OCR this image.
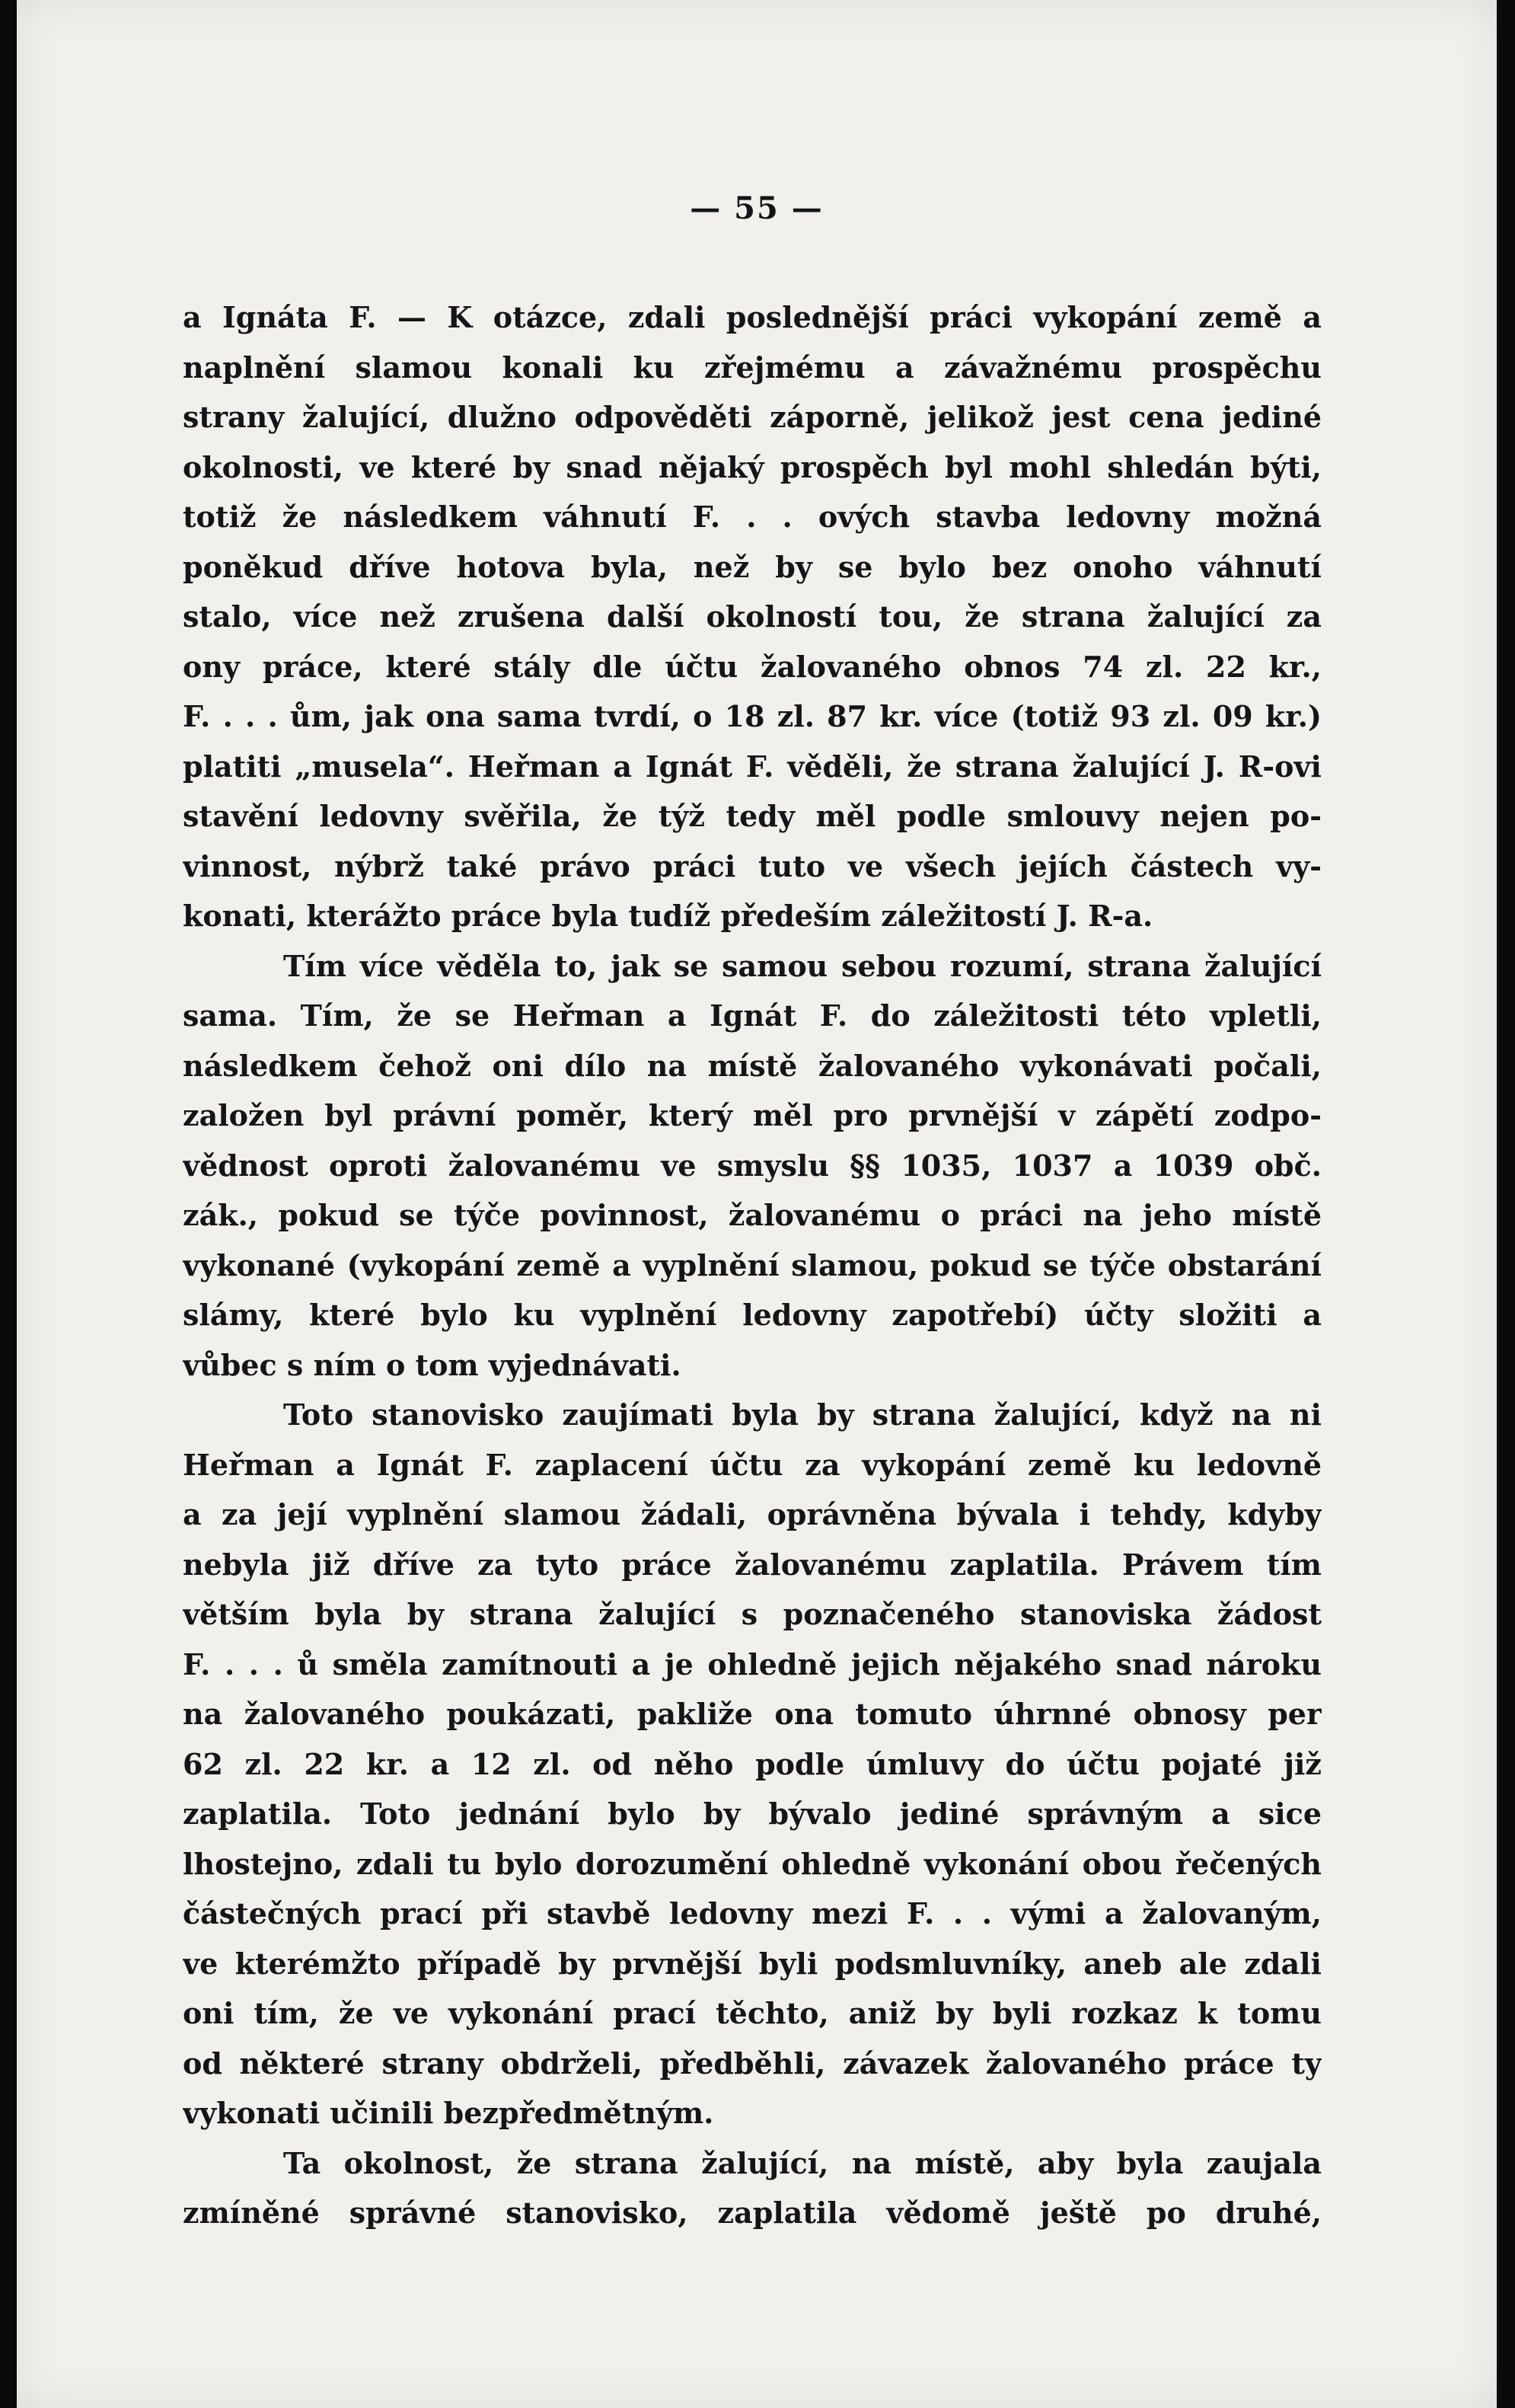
— 55 —
a Ignáta F. — K otázce, zdali poslednější práci vykopání země a
naplnění slamou konali ku zřejmému a závažnému prospěchu
strany žalující, dlužno odpověděti záporně, jelikož jest cena jediné
okolnosti, ve které by snad nějaký prospěch byl mohl shledán býti,
totiž že následkem váhnutí F. . . ových stavba ledovny možná
poněkud dříve hotova byla, než by se bylo bez onoho váhnutí
stalo, více než zrušena další okolností tou, že strana žalující za
ony práce, které stály dle účtu žalovaného obnos 74 zl. 22 kr.,
F. . . . ům, jak ona sama tvrdí, o 18 zl. 87 kr. více (totiž 93 zl. 09 kr.)
platiti „musela“. Heřman a Ignát F. věděli, že strana žalující J. R-ovi
stavění ledovny svěřila, že týž tedy měl podle smlouvy nejen po-
vinnost, nýbrž také právo práci tuto ve všech jejích částech vy-
konati, kterážto práce byla tudíž předeším záležitostí J. R-a.
Tím více věděla to, jak se samou sebou rozumí, strana žalující
sama. Tím, že se Heřman a Ignát F. do záležitosti této vpletli,
následkem čehož oni dílo na místě žalovaného vykonávati počali,
založen byl právní poměr, který měl pro prvnější v zápětí zodpo-
vědnost oproti žalovanému ve smyslu §§ 1035, 1037 a 1039 obč.
zák., pokud se týče povinnost, žalovanému o práci na jeho místě
vykonané (vykopání země a vyplnění slamou, pokud se týče obstarání
slámy, které bylo ku vyplnění ledovny zapotřebí) účty složiti a
vůbec s ním o tom vyjednávati.
Toto stanovisko zaujímati byla by strana žalující, když na ni
Heřman a Ignát F. zaplacení účtu za vykopání země ku ledovně
a za její vyplnění slamou žádali, oprávněna bývala i tehdy, kdyby
nebyla již dříve za tyto práce žalovanému zaplatila. Právem tím
větším byla by strana žalující s poznačeného stanoviska žádost
F. . . . ů směla zamítnouti a je ohledně jejich nějakého snad nároku
na žalovaného poukázati, pakliže ona tomuto úhrnné obnosy per
62 zl. 22 kr. a 12 zl. od něho podle úmluvy do účtu pojaté již
zaplatila. Toto jednání bylo by bývalo jediné správným a sice
lhostejno, zdali tu bylo dorozumění ohledně vykonání obou řečených
částečných prací při stavbě ledovny mezi F. . . vými a žalovaným,
ve kterémžto případě by prvnější byli podsmluvníky, aneb ale zdali
oni tím, že ve vykonání prací těchto, aniž by byli rozkaz k tomu
od některé strany obdrželi, předběhli, závazek žalovaného práce ty
vykonati učinili bezpředmětným.
Ta okolnost, že strana žalující, na místě, aby byla zaujala
zmíněné správné stanovisko, zaplatila vědomě ještě po druhé,
